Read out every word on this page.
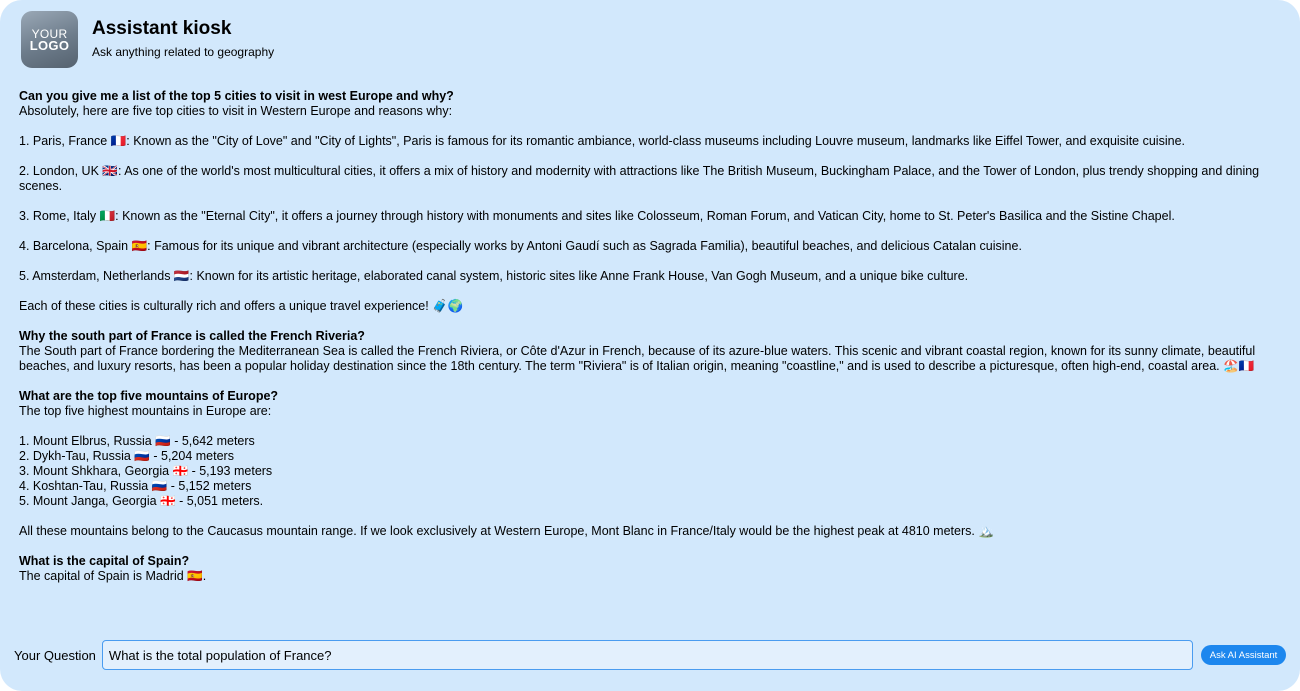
YOUR
LOGO
Assistant kiosk
Ask anything related to geography
Can you give me a list of the top 5 cities to visit in west Europe and why?

Absolutely, here are five top cities to visit in Western Europe and reasons why:

1. Paris, France 🇫🇷: Known as the "City of Love" and "City of Lights", Paris is famous for its romantic ambiance, world-class museums including Louvre museum, landmarks like Eiffel Tower, and exquisite cuisine.

2. London, UK 🇬🇧: As one of the world's most multicultural cities, it offers a mix of history and modernity with attractions like The British Museum, Buckingham Palace, and the Tower of London, plus trendy shopping and dining scenes.

3. Rome, Italy 🇮🇹: Known as the "Eternal City", it offers a journey through history with monuments and sites like Colosseum, Roman Forum, and Vatican City, home to St. Peter's Basilica and the Sistine Chapel.

4. Barcelona, Spain 🇪🇸: Famous for its unique and vibrant architecture (especially works by Antoni Gaudí such as Sagrada Familia), beautiful beaches, and delicious Catalan cuisine.

5. Amsterdam, Netherlands 🇳🇱: Known for its artistic heritage, elaborated canal system, historic sites like Anne Frank House, Van Gogh Museum, and a unique bike culture.

Each of these cities is culturally rich and offers a unique travel experience! 🧳🌍

Why the south part of France is called the French Riveria?

The South part of France bordering the Mediterranean Sea is called the French Riviera, or Côte d'Azur in French, because of its azure-blue waters. This scenic and vibrant coastal region, known for its sunny climate, beautiful beaches, and luxury resorts, has been a popular holiday destination since the 18th century. The term "Riviera" is of Italian origin, meaning "coastline," and is used to describe a picturesque, often high-end, coastal area. 🏖️🇫🇷

What are the top five mountains of Europe?

The top five highest mountains in Europe are:

1. Mount Elbrus, Russia 🇷🇺 - 5,642 meters
2. Dykh-Tau, Russia 🇷🇺 - 5,204 meters
3. Mount Shkhara, Georgia 🇬🇪 - 5,193 meters
4. Koshtan-Tau, Russia 🇷🇺 - 5,152 meters
5. Mount Janga, Georgia 🇬🇪 - 5,051 meters.

All these mountains belong to the Caucasus mountain range. If we look exclusively at Western Europe, Mont Blanc in France/Italy would be the highest peak at 4810 meters. 🏔️

What is the capital of Spain?

The capital of Spain is Madrid 🇪🇸.

Your Question
What is the total population of France?	Ask AI Assistant
